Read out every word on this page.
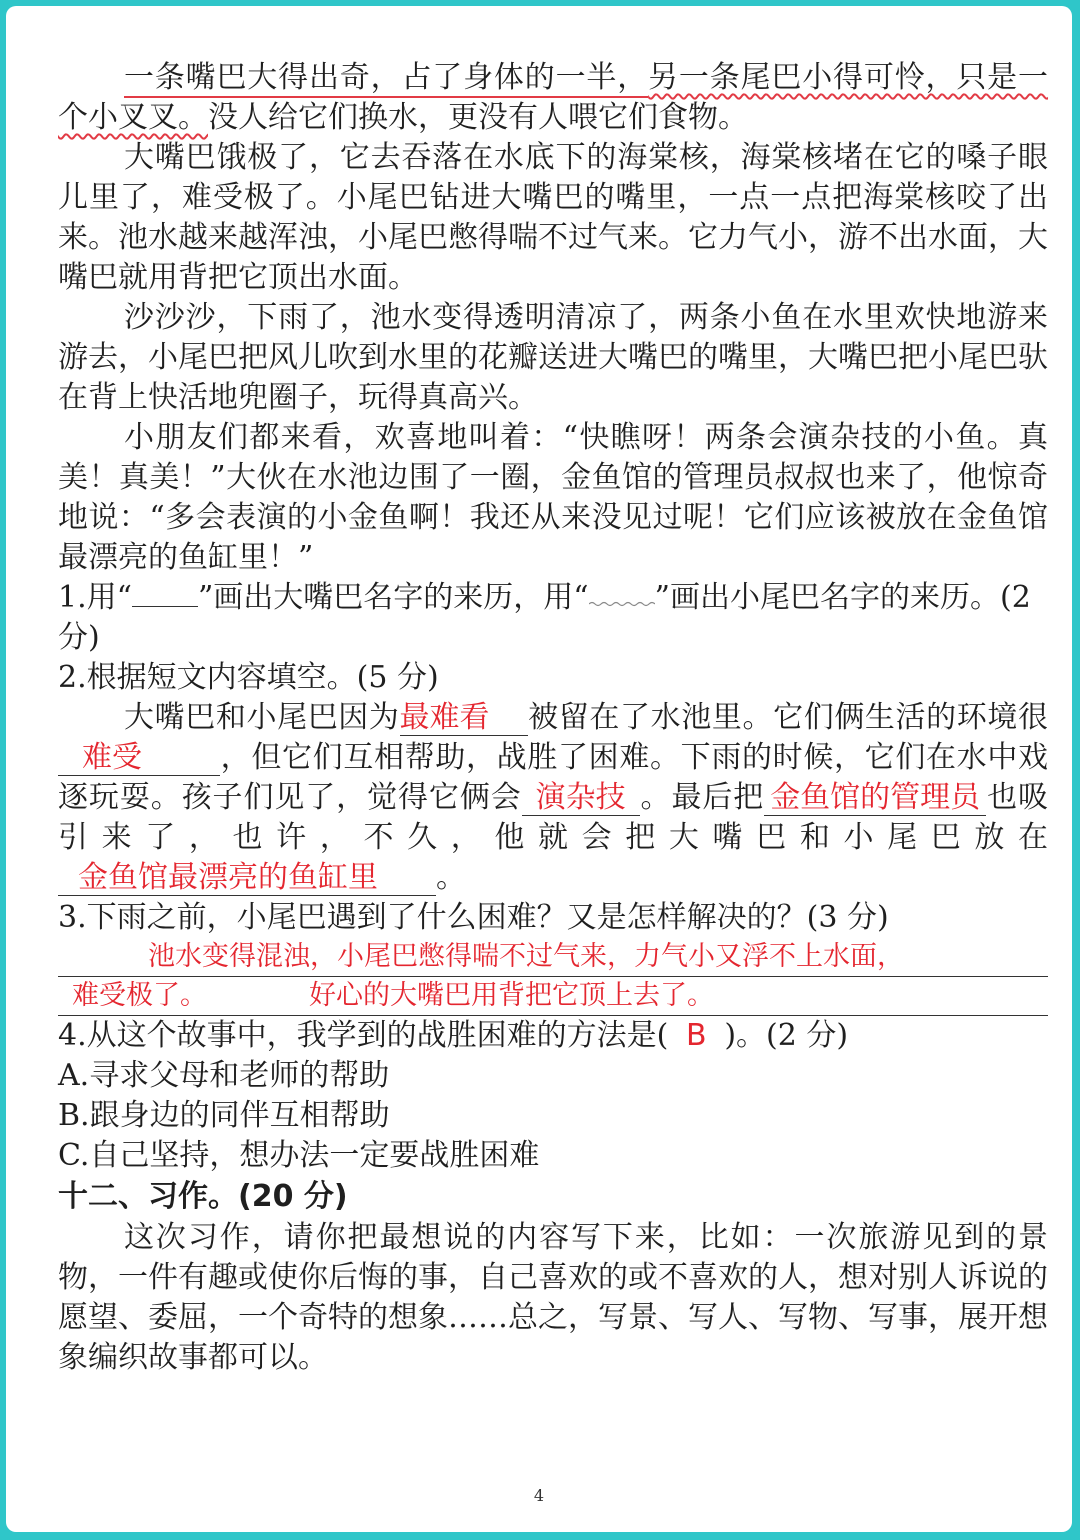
一条嘴巴大得出奇，占了身体的一半，另一条尾巴小得可怜，只是一个小叉叉。没人给它们换水，更没有人喂它们食物。

大嘴巴饿极了，它去吞落在水底下的海棠核，海棠核堵在它的嗓子眼儿里了，难受极了。小尾巴钻进大嘴巴的嘴里，一点一点把海棠核咬了出来。池水越来越浑浊，小尾巴憋得喘不过气来。它力气小，游不出水面，大嘴巴就用背把它顶出水面。

沙沙沙，下雨了，池水变得透明清凉了，两条小鱼在水里欢快地游来游去，小尾巴把风儿吹到水里的花瓣送进大嘴巴的嘴里，大嘴巴把小尾巴驮在背上快活地兜圈子，玩得真高兴。

小朋友们都来看，欢喜地叫着：“快瞧呀！两条会演杂技的小鱼。真美！真美！”大伙在水池边围了一圈，金鱼馆的管理员叔叔也来了，他惊奇地说：“多会表演的小金鱼啊！我还从来没见过呢！它们应该被放在金鱼馆最漂亮的鱼缸里！”

1.用“ ”画出大嘴巴名字的来历，用“ ”画出小尾巴名字的来历。(2 分)

2.根据短文内容填空。(5 分)

大嘴巴和小尾巴因为最难看 被留在了水池里。它们俩生活的环境很难受	，但它们互相帮助，战胜了困难。下雨的时候，它们在水中戏逐玩耍。孩子们见了，觉得它俩会 演杂技 。最后把 金鱼馆的管理员 也吸引来了，也许，不久，他就会把大嘴巴和小尾巴放在金鱼馆最漂亮的鱼缸里 。

3.下雨之前，小尾巴遇到了什么困难？又是怎样解决的？(3 分)

池水变得混浊，小尾巴憋得喘不过气来，力气小又浮不上水面，

难受极了。	好心的大嘴巴用背把它顶上去了。

4.从这个故事中，我学到的战胜困难的方法是( B )。(2 分)

A.寻求父母和老师的帮助

B.跟身边的同伴互相帮助

C.自己坚持，想办法一定要战胜困难

十二、习作。(20 分)

这次习作，请你把最想说的内容写下来，比如：一次旅游见到的景物，一件有趣或使你后悔的事，自己喜欢的或不喜欢的人，想对别人诉说的愿望、委屈，一个奇特的想象……总之，写景、写人、写物、写事，展开想象编织故事都可以。

4
